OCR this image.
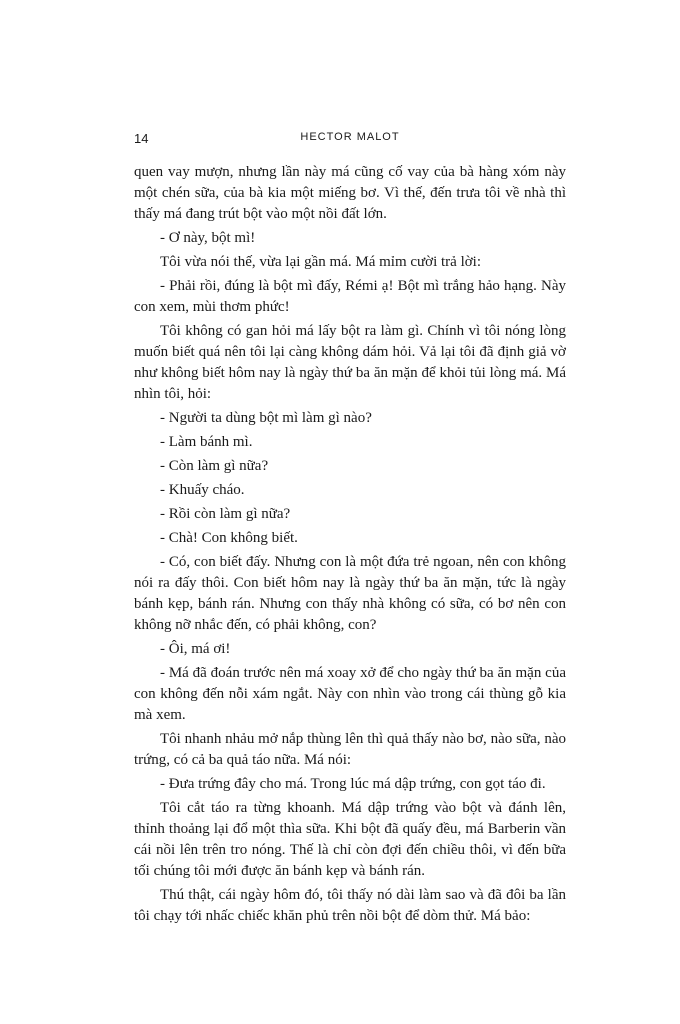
14	HECTOR MALOT

quen vay mượn, nhưng lần này má cũng cố vay của bà hàng xóm này một chén sữa, của bà kia một miếng bơ. Vì thế, đến trưa tôi về nhà thì thấy má đang trút bột vào một nồi đất lớn.

- Ơ này, bột mì!

Tôi vừa nói thế, vừa lại gần má. Má mỉm cười trả lời:

- Phải rồi, đúng là bột mì đấy, Rémi ạ! Bột mì trắng hảo hạng. Này con xem, mùi thơm phức!

Tôi không có gan hỏi má lấy bột ra làm gì. Chính vì tôi nóng lòng muốn biết quá nên tôi lại càng không dám hỏi. Vả lại tôi đã định giả vờ như không biết hôm nay là ngày thứ ba ăn mặn để khỏi tủi lòng má. Má nhìn tôi, hỏi:

- Người ta dùng bột mì làm gì nào?

- Làm bánh mì.

- Còn làm gì nữa?

- Khuấy cháo.

- Rồi còn làm gì nữa?

- Chà! Con không biết.

- Có, con biết đấy. Nhưng con là một đứa trẻ ngoan, nên con không nói ra đấy thôi. Con biết hôm nay là ngày thứ ba ăn mặn, tức là ngày bánh kẹp, bánh rán. Nhưng con thấy nhà không có sữa, có bơ nên con không nỡ nhắc đến, có phải không, con?

- Ôi, má ơi!

- Má đã đoán trước nên má xoay xở để cho ngày thứ ba ăn mặn của con không đến nỗi xám ngắt. Này con nhìn vào trong cái thùng gỗ kia mà xem.

Tôi nhanh nhảu mở nắp thùng lên thì quả thấy nào bơ, nào sữa, nào trứng, có cả ba quả táo nữa. Má nói:

- Đưa trứng đây cho má. Trong lúc má dập trứng, con gọt táo đi.

Tôi cắt táo ra từng khoanh. Má dập trứng vào bột và đánh lên, thỉnh thoảng lại đổ một thìa sữa. Khi bột đã quấy đều, má Barberin vần cái nồi lên trên tro nóng. Thế là chỉ còn đợi đến chiều thôi, vì đến bữa tối chúng tôi mới được ăn bánh kẹp và bánh rán.

Thú thật, cái ngày hôm đó, tôi thấy nó dài làm sao và đã đôi ba lần tôi chạy tới nhấc chiếc khăn phủ trên nồi bột để dòm thử. Má bảo:
